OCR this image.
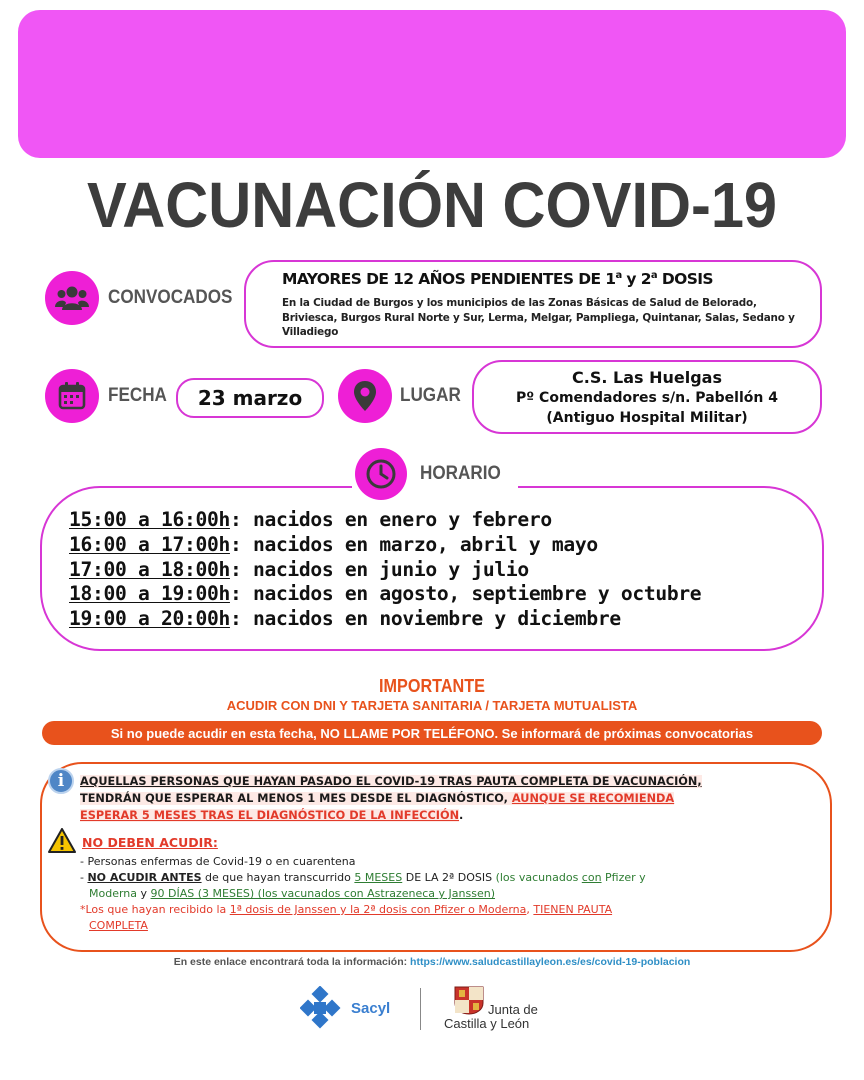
VACUNACIÓN COVID-19
CONVOCADOS
MAYORES DE 12 AÑOS PENDIENTES DE 1$^a$ y 2$^a$ DOSIS
En la Ciudad de Burgos y los municipios de las Zonas Básicas de Salud de Belorado, Briviesca, Burgos Rural Norte y Sur, Lerma, Melgar, Pampliega, Quintanar, Salas, Sedano y Villadiego
FECHA	23 marzo	LUGAR
C.S. Las Huelgas
Pº Comendadores s/n. Pabellón 4
(Antiguo Hospital Militar)
15:00 a 16:00h: nacidos en enero y febrero
16:00 a 17:00h: nacidos en marzo, abril y mayo
17:00 a 18:00h: nacidos en junio y julio
18:00 a 19:00h: nacidos en agosto, septiembre y octubre
19:00 a 20:00h: nacidos en noviembre y diciembre
HORARIO
IMPORTANTE
ACUDIR CON DNI Y TARJETA SANITARIA / TARJETA MUTUALISTA
Si no puede acudir en esta fecha, NO LLAME POR TELÉFONO. Se informará de próximas convocatorias
i	AQUELLAS PERSONAS QUE HAYAN PASADO EL COVID-19 TRAS PAUTA COMPLETA DE VACUNACIÓN,
TENDRÁN QUE ESPERAR AL MENOS 1 MES DESDE EL DIAGNÓSTICO, AUNQUE SE RECOMIENDA
ESPERAR 5 MESES TRAS EL DIAGNÓSTICO DE LA INFECCIÓN.
NO DEBEN ACUDIR:
- Personas enfermas de Covid-19 o en cuarentena
- NO ACUDIR ANTES de que hayan transcurrido 5 MESES DE LA 2ª DOSIS (los vacunados con Pfizer y
Moderna y 90 DÍAS (3 MESES) (los vacunados con Astrazeneca y Janssen)
*Los que hayan recibido la 1ª dosis de Janssen y la 2ª dosis con Pfizer o Moderna, TIENEN PAUTA
COMPLETA
En este enlace encontrará toda la información: https://www.saludcastillayleon.es/es/covid-19-poblacion
Sacyl	Junta de
Castilla y León
